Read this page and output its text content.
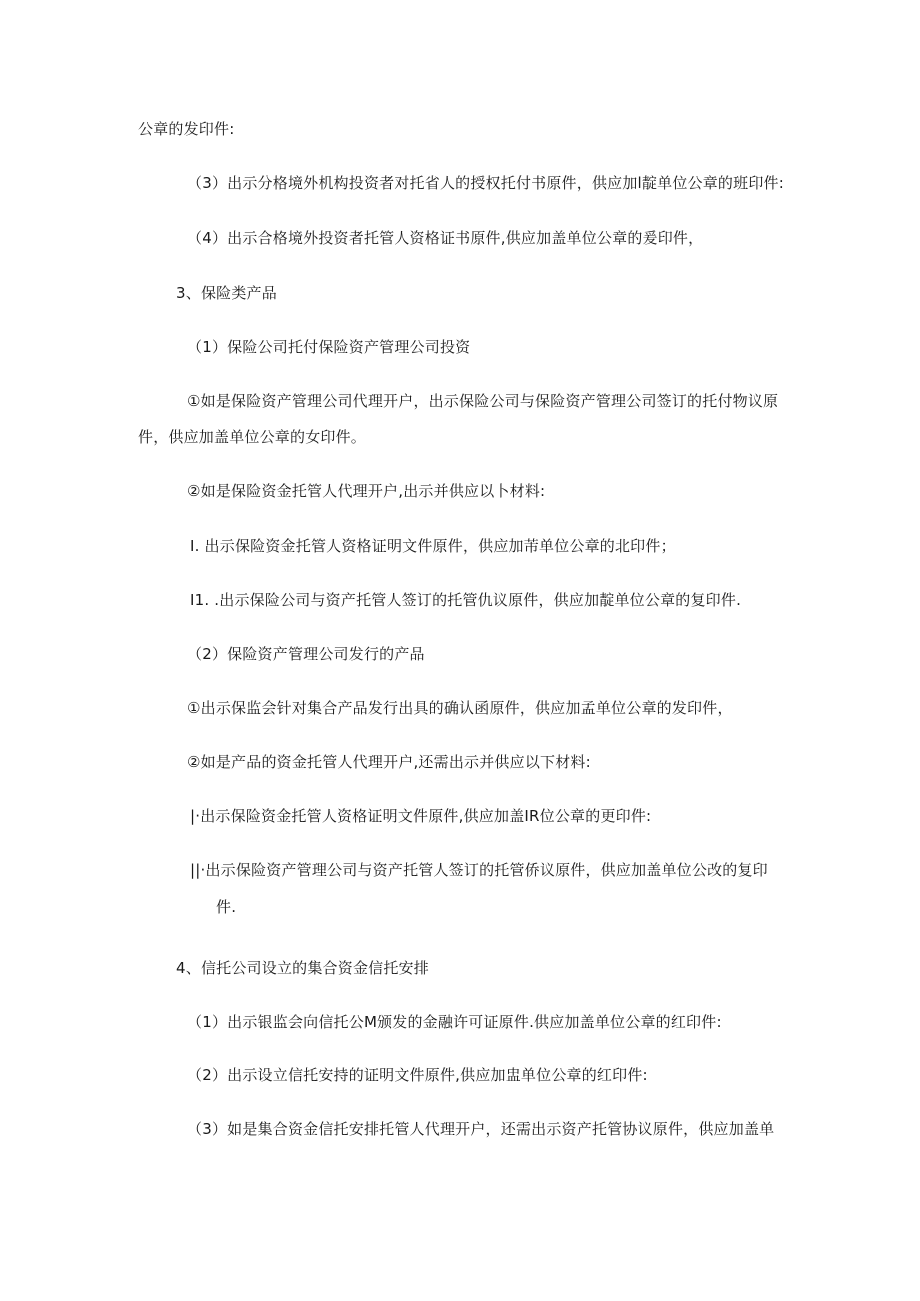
公章的发印件:
（3）出示分格境外机构投资者对托省人的授权托付书原件，供应加l靛单位公章的班印件:
（4）出示合格境外投资者托管人资格证书原件,供应加盖单位公章的爰印件，
3、保险类产品
（1）保险公司托付保险资产管理公司投资
①如是保险资产管理公司代理开户，出示保险公司与保险资产管理公司签订的托付物议原
件，供应加盖单位公章的女印件。
②如是保险资金托管人代理开户,出示并供应以卜材料:
I. 出示保险资金托管人资格证明文件原件，供应加芾单位公章的北印件；
I1. .出示保险公司与资产托管人签订的托管仇议原件，供应加靛单位公章的复印件.
（2）保险资产管理公司发行的产品
①出示保监会针对集合产品发行出具的确认函原件，供应加孟单位公章的发印件，
②如是产品的资金托管人代理开户,还需出示并供应以下材料:
|·出示保险资金托管人资格证明文件原件,供应加盖IR位公章的更印件:
||·出示保险资产管理公司与资产托管人签订的托管侨议原件，供应加盖单位公改的复印
件.
4、信托公司设立的集合资金信托安排
（1）出示银监会向信托公M颁发的金融许可证原件.供应加盖单位公章的红印件:
（2）出示设立信托安持的证明文件原件,供应加盅单位公章的红印件:
（3）如是集合资金信托安排托管人代理开户，还需出示资产托管协议原件，供应加盖单
